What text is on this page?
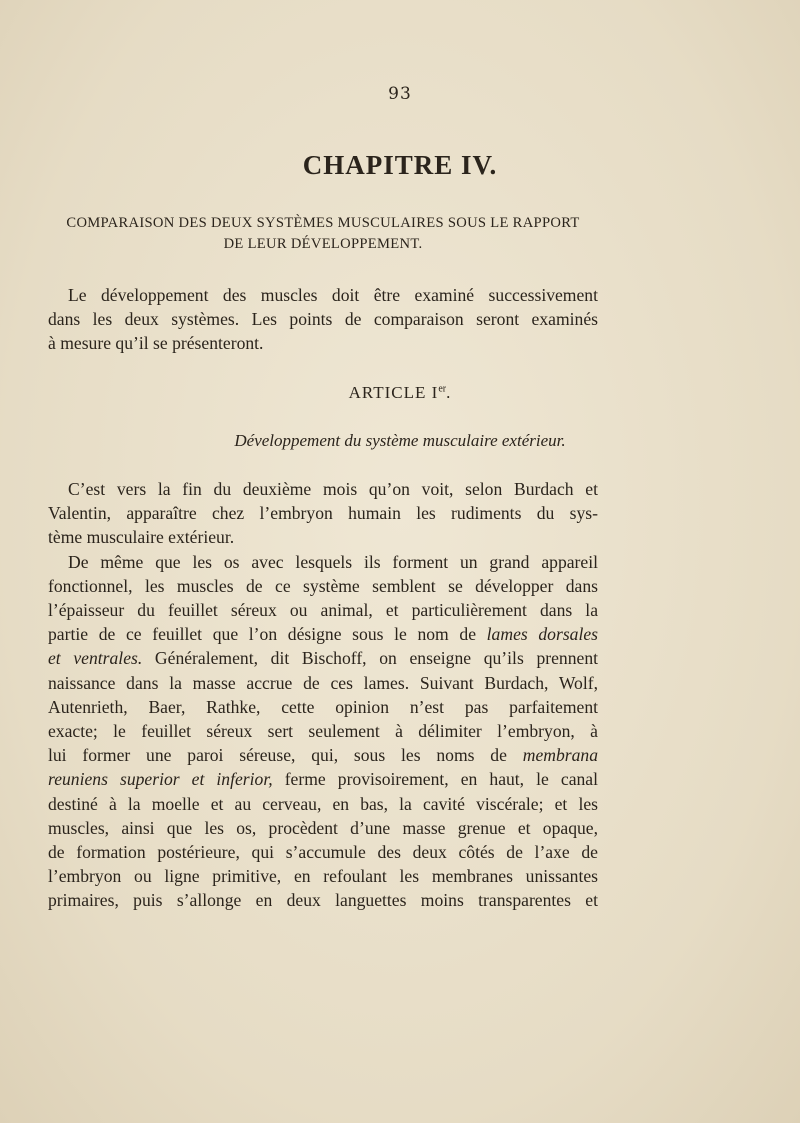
93
CHAPITRE IV.
COMPARAISON DES DEUX SYSTÈMES MUSCULAIRES SOUS LE RAPPORT
DE LEUR DÉVELOPPEMENT.
Le développement des muscles doit être examiné successivement
dans les deux systèmes. Les points de comparaison seront examinés
à mesure qu’il se présenteront.
ARTICLE Ier.
Développement du système musculaire extérieur.
C’est vers la fin du deuxième mois qu’on voit, selon Burdach et
Valentin, apparaître chez l’embryon humain les rudiments du sys-
tème musculaire extérieur.
De même que les os avec lesquels ils forment un grand appareil
fonctionnel, les muscles de ce système semblent se développer dans
l’épaisseur du feuillet séreux ou animal, et particulièrement dans la
partie de ce feuillet que l’on désigne sous le nom de lames dorsales
et ventrales. Généralement, dit Bischoff, on enseigne qu’ils prennent
naissance dans la masse accrue de ces lames. Suivant Burdach, Wolf,
Autenrieth, Baer, Rathke, cette opinion n’est pas parfaitement
exacte; le feuillet séreux sert seulement à délimiter l’embryon, à
lui former une paroi séreuse, qui, sous les noms de membrana
reuniens superior et inferior, ferme provisoirement, en haut, le canal
destiné à la moelle et au cerveau, en bas, la cavité viscérale; et les
muscles, ainsi que les os, procèdent d’une masse grenue et opaque,
de formation postérieure, qui s’accumule des deux côtés de l’axe de
l’embryon ou ligne primitive, en refoulant les membranes unissantes
primaires, puis s’allonge en deux languettes moins transparentes et
